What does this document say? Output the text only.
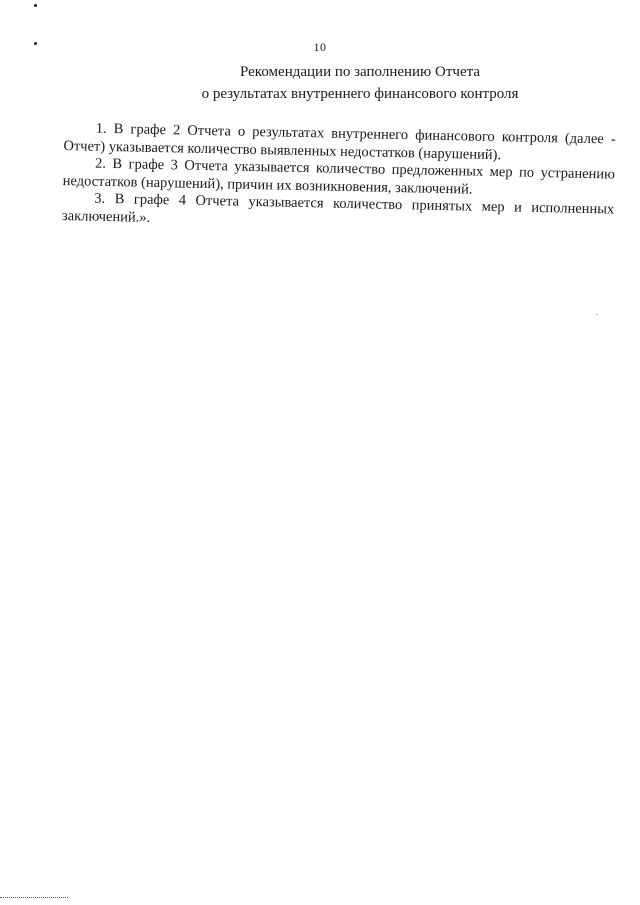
10
Рекомендации по заполнению Отчета
о результатах внутреннего финансового контроля

1. В графе 2 Отчета о результатах внутреннего финансового контроля (далее - Отчет) указывается количество выявленных недостатков (нарушений).

2. В графе 3 Отчета указывается количество предложенных мер по устранению недостатков (нарушений), причин их возникновения, заключений.

3. В графе 4 Отчета указывается количество принятых мер и исполненных заключений.».
